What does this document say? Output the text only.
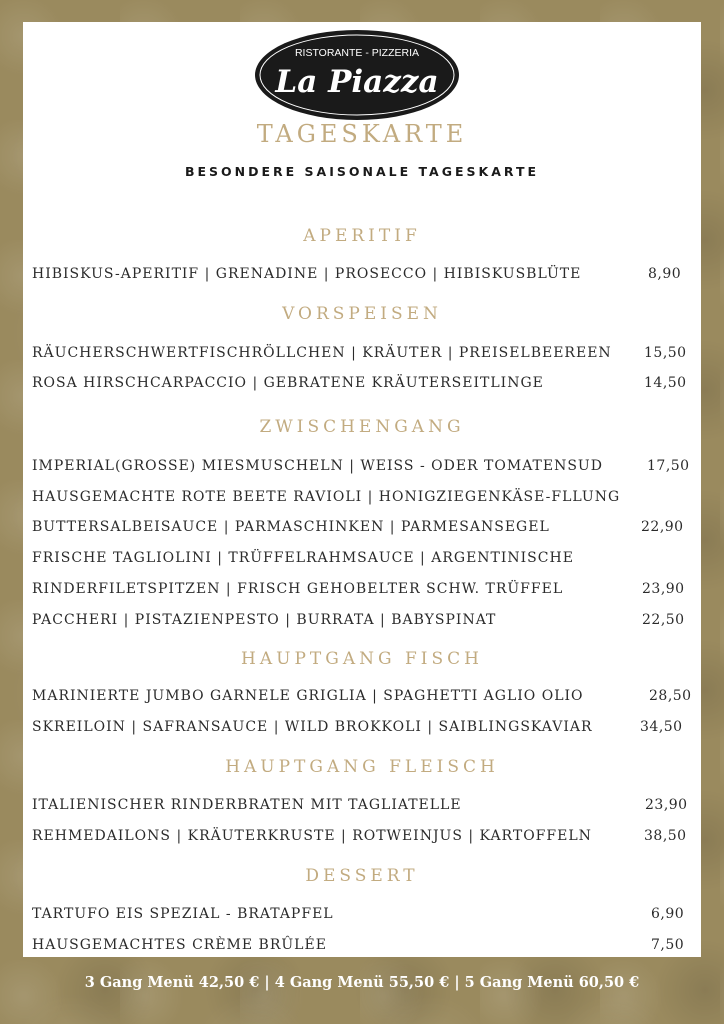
RISTORANTE - PIZZERIA
La Piazza
TAGESKARTE
BESONDERE SAISONALE TAGESKARTE
APERITIF
HIBISKUS-APERITIF | GRENADINE | PROSECCO | HIBISKUSBLÜTE	8,90
VORSPEISEN
RÄUCHERSCHWERTFISCHRÖLLCHEN | KRÄUTER | PREISELBEEREEN 15,50
ROSA HIRSCHCARPACCIO | GEBRATENE KRÄUTERSEITLINGE	14,50
ZWISCHENGANG
IMPERIAL(GROSSE) MIESMUSCHELN | WEISS - ODER TOMATENSUD	17,50
HAUSGEMACHTE ROTE BEETE RAVIOLI | HONIGZIEGENKÄSE-FLLUNG
BUTTERSALBEISAUCE | PARMASCHINKEN | PARMESANSEGEL	22,90
FRISCHE TAGLIOLINI | TRÜFFELRAHMSAUCE | ARGENTINISCHE
RINDERFILETSPITZEN | FRISCH GEHOBELTER SCHW. TRÜFFEL	23,90
PACCHERI | PISTAZIENPESTO | BURRATA | BABYSPINAT	22,50
HAUPTGANG FISCH
MARINIERTE JUMBO GARNELE GRIGLIA | SPAGHETTI AGLIO OLIO	28,50
SKREILOIN | SAFRANSAUCE | WILD BROKKOLI | SAIBLINGSKAVIAR	34,50
HAUPTGANG FLEISCH
ITALIENISCHER RINDERBRATEN MIT TAGLIATELLE	23,90
REHMEDAILONS | KRÄUTERKRUSTE | ROTWEINJUS | KARTOFFELN	38,50
DESSERT
TARTUFO EIS SPEZIAL - BRATAPFEL	6,90
HAUSGEMACHTES CRÈME BRÛLÉE	7,50
3 Gang Menü 42,50 € | 4 Gang Menü 55,50 € | 5 Gang Menü 60,50 €
